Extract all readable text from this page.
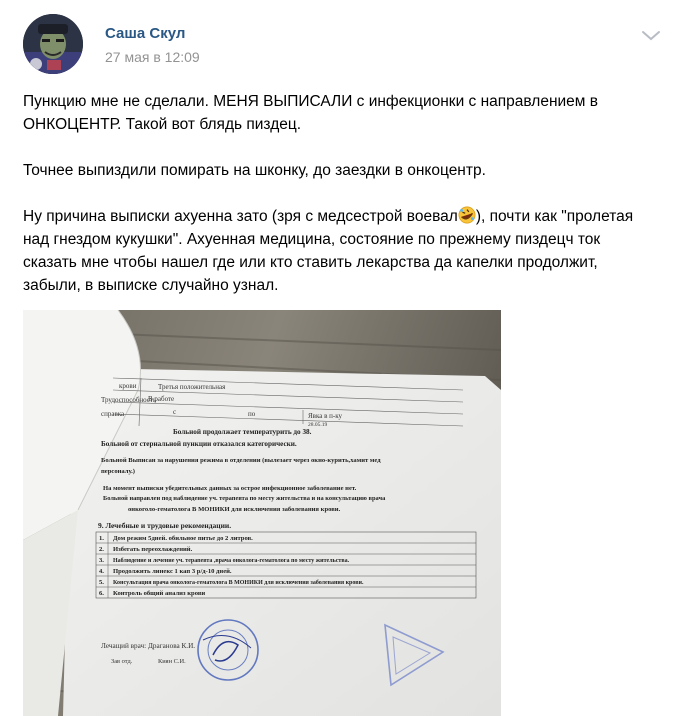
Саша Скул
27 мая в 12:09

Пункцию мне не сделали. МЕНЯ ВЫПИСАЛИ с инфекционки с направлением в ОНКОЦЕНТР. Такой вот блядь пиздец.

Точнее выпиздили помирать на шконку, до заездки в онкоцентр.

Ну причина выписки ахуенна зато (зря с медсестрой воевал ), почти как "пролетая над гнездом кукушки". Ахуенная медицина, состояние по прежнему пиздецч ток сказать мне чтобы нашел где или кто ставить лекарства да капелки продолжит, забыли, в выписке случайно узнал.

крови	Третья положительная
Трудоспособность
В работе
справка	с	по	Явка в п-ку
28.05.19
Больной продолжает температурить до 38.
Больной от стернальной пункции отказался категорически.
Больной Выписан за нарушения режима в отделении (вылезает через окно-курить,хамит мед
персоналу.)
На момент выписки убедительных данных за острое инфекционное заболевание нет.
Больной направлен под наблюдение уч. терапевта по месту жительства и на консультацию врача
онкоголо-гематолога В МОНИКИ для исключения заболевания крови.
9. Лечебные и трудовые рекомендации.
1. Дом режим 5дней. обильное питье до 2 литров.
2. Избегать переохлаждений.
3. Наблюдение и лечение уч. терапевта ,врача онколога-гематолога по месту жительства.
4. Продолжить линекс 1 кап 3 р/д-10 дней.
5. Консультация врача онколога-гематолога В МОНИКИ для исключения заболевания крови.
6. Контроль общий анализ крови
Лечащий врач: Драганова К.И.
Зав отд.	Киян С.И.
